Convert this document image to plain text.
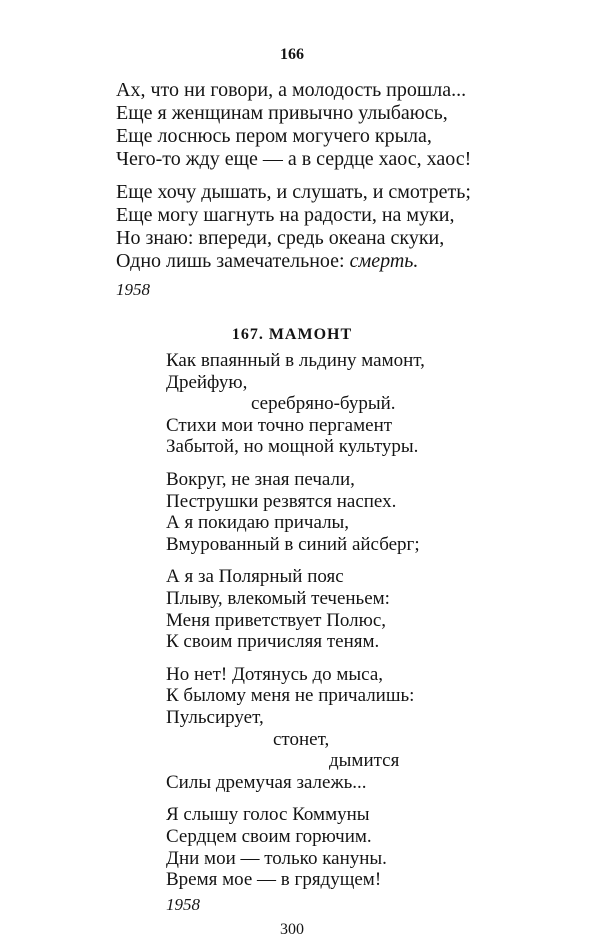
166
Ах, что ни говори, а молодость прошла...
Еще я женщинам привычно улыбаюсь,
Еще лоснюсь пером могучего крыла,
Чего-то жду еще — а в сердце хаос, хаос!
Еще хочу дышать, и слушать, и смотреть;
Еще могу шагнуть на радости, на муки,
Но знаю: впереди, средь океана скуки,
Одно лишь замечательное: смерть.
1958
167. МАМОНТ
Как впаянный в льдину мамонт,
Дрейфую,
серебряно-бурый.
Стихи мои точно пергамент
Забытой, но мощной культуры.
Вокруг, не зная печали,
Пеструшки резвятся наспех.
А я покидаю причалы,
Вмурованный в синий айсберг;
А я за Полярный пояс
Плыву, влекомый теченьем:
Меня приветствует Полюс,
К своим причисляя теням.
Но нет! Дотянусь до мыса,
К былому меня не причалишь:
Пульсирует,
стонет,
дымится
Силы дремучая залежь...
Я слышу голос Коммуны
Сердцем своим горючим.
Дни мои — только кануны.
Время мое — в грядущем!
1958
300
